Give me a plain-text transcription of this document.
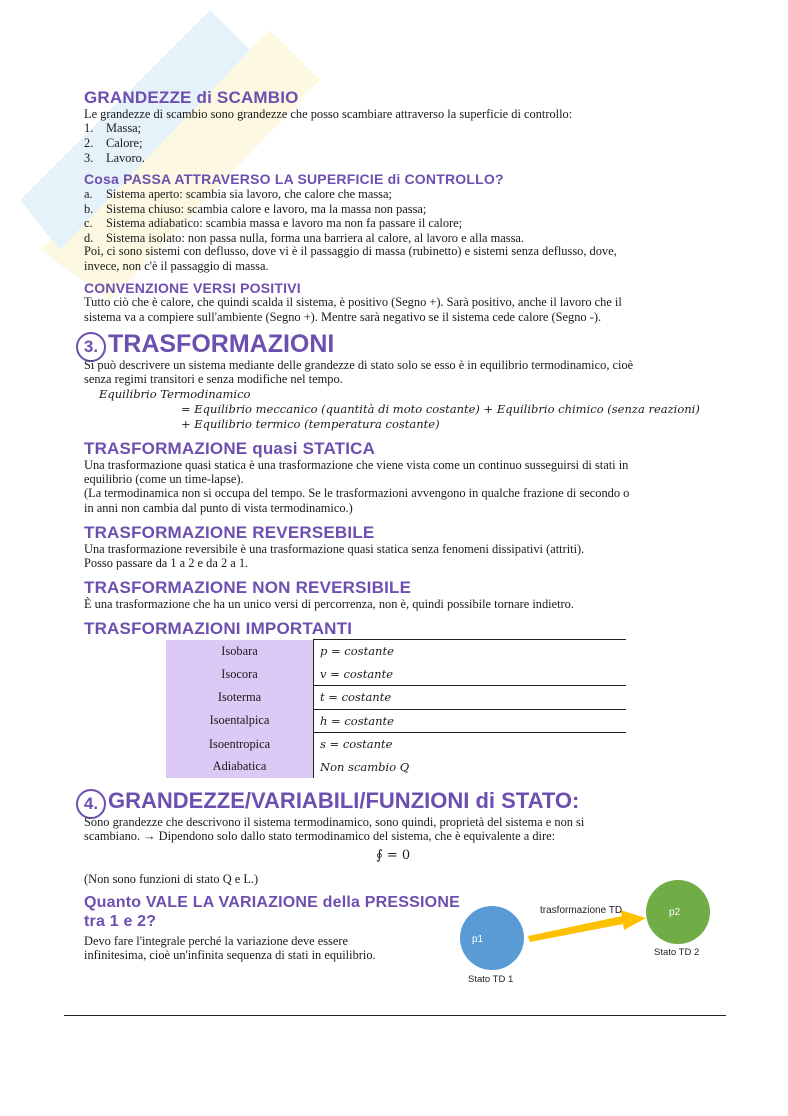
GRANDEZZE di SCAMBIO
Le grandezze di scambio sono grandezze che posso scambiare attraverso la superficie di controllo:
1. Massa;
2. Calore;
3. Lavoro.
Cosa PASSA ATTRAVERSO LA SUPERFICIE di CONTROLLO?
a. Sistema aperto: scambia sia lavoro, che calore che massa;
b. Sistema chiuso: scambia calore e lavoro, ma la massa non passa;
c. Sistema adiabatico: scambia massa e lavoro ma non fa passare il calore;
d. Sistema isolato: non passa nulla, forma una barriera al calore, al lavoro e alla massa.
Poi, ci sono sistemi con deflusso, dove vi è il passaggio di massa (rubinetto) e sistemi senza deflusso, dove,
invece, non c'è il passaggio di massa.
CONVENZIONE VERSI POSITIVI
Tutto ciò che è calore, che quindi scalda il sistema, è positivo (Segno +). Sarà positivo, anche il lavoro che il
sistema va a compiere sull'ambiente (Segno +). Mentre sarà negativo se il sistema cede calore (Segno -).
3. TRASFORMAZIONI
Si può descrivere un sistema mediante delle grandezze di stato solo se esso è in equilibrio termodinamico, cioè
senza regimi transitori e senza modifiche nel tempo.
Equilibrio Termodinamico
= Equilibrio meccanico (quantità di moto costante) + Equilibrio chimico (senza reazioni)
+ Equilibrio termico (temperatura costante)
TRASFORMAZIONE quasi STATICA
Una trasformazione quasi statica è una trasformazione che viene vista come un continuo susseguirsi di stati in
equilibrio (come un time-lapse).
(La termodinamica non si occupa del tempo. Se le trasformazioni avvengono in qualche frazione di secondo o
in anni non cambia dal punto di vista termodinamico.)
TRASFORMAZIONE REVERSEBILE
Una trasformazione reversibile è una trasformazione quasi statica senza fenomeni dissipativi (attriti).
Posso passare da 1 a 2 e da 2 a 1.
TRASFORMAZIONE NON REVERSIBILE
È una trasformazione che ha un unico versi di percorrenza, non è, quindi possibile tornare indietro.
TRASFORMAZIONI IMPORTANTI
Isobara	p = costante
Isocora	v = costante
Isoterma	t = costante
Isoentalpica	h = costante
Isoentropica	s = costante
Adiabatica	Non scambio Q
4. GRANDEZZE/VARIABILI/FUNZIONI di STATO:
Sono grandezze che descrivono il sistema termodinamico, sono quindi, proprietà del sistema e non si
scambiano. → Dipendono solo dallo stato termodinamico del sistema, che è equivalente a dire:
∮ = 0
(Non sono funzioni di stato Q e L.)
Quanto VALE LA VARIAZIONE della PRESSIONE
tra 1 e 2?
Devo fare l'integrale perché la variazione deve essere
infinitesima, cioè un'infinita sequenza di stati in equilibrio.
p1
p2
trasformazione TD
Stato TD 1
Stato TD 2
